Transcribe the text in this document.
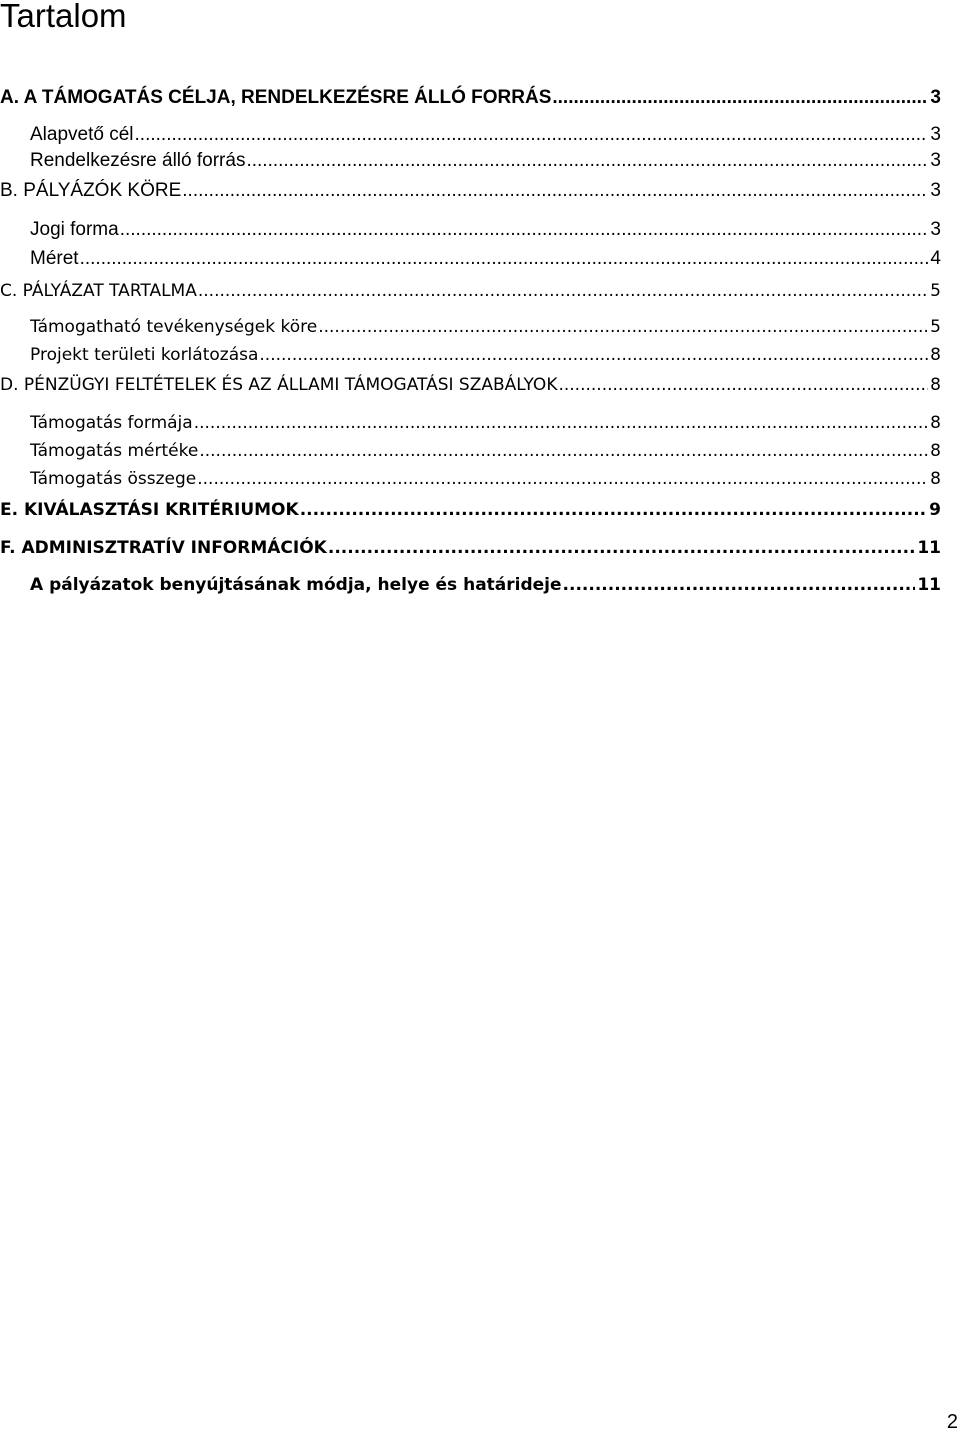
Tartalom
A. A TÁMOGATÁS CÉLJA, RENDELKEZÉSRE ÁLLÓ FORRÁS .....	3
Alapvető cél .....	3
Rendelkezésre álló forrás .....	3
B. PÁLYÁZÓK KÖRE .....	3
Jogi forma .....	3
Méret .....	4
C. PÁLYÁZAT TARTALMA .....	5
Támogatható tevékenységek köre .....	5
Projekt területi korlátozása .....	8
D. PÉNZÜGYI FELTÉTELEK ÉS AZ ÁLLAMI TÁMOGATÁSI SZABÁLYOK .....	8
Támogatás formája .....	8
Támogatás mértéke .....	8
Támogatás összege .....	8
E. KIVÁLASZTÁSI KRITÉRIUMOK .....	9
F. ADMINISZTRATÍV INFORMÁCIÓK .....	11
A pályázatok benyújtásának módja, helye és határideje .....	11
2
